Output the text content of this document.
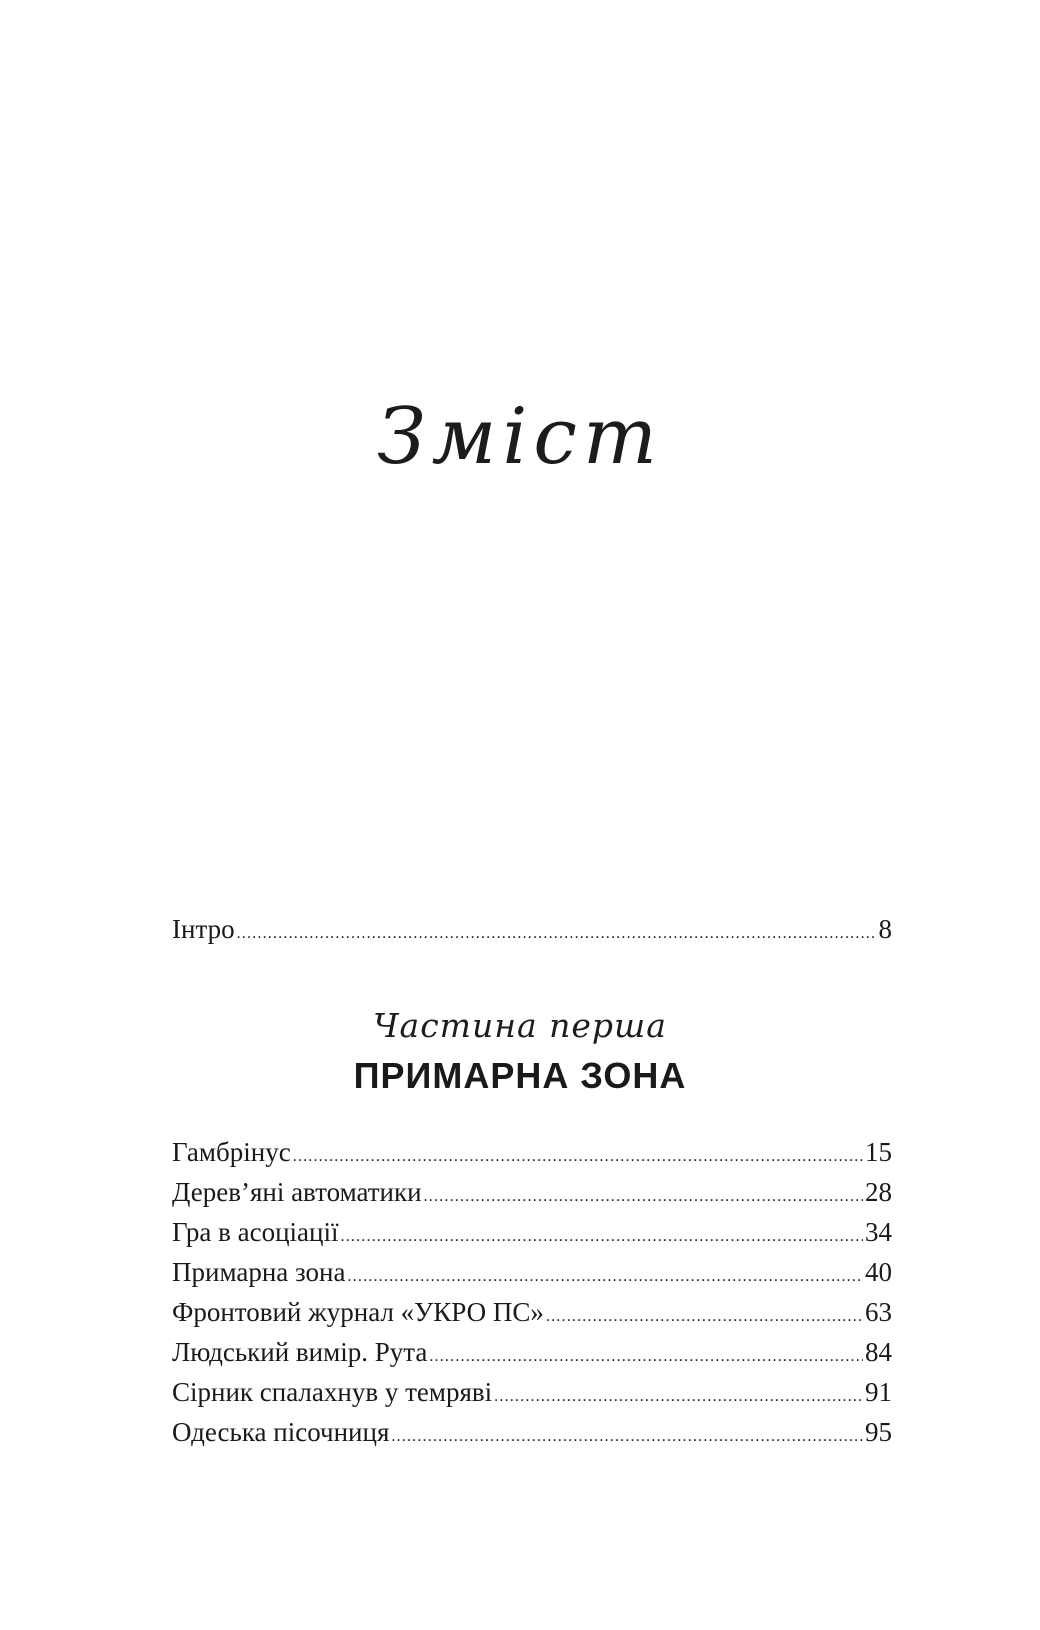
Зміст
Інтро .....	8
Частина перша
ПРИМАРНА ЗОНА
Гамбрінус .....	15
Дерев’яні автоматики .....	28
Гра в асоціації .....	34
Примарна зона .....	40
Фронтовий журнал «УКРО ПС» .....	63
Людський вимір. Рута .....	84
Сірник спалахнув у темряві .....	91
Одеська пісочниця .....	95
